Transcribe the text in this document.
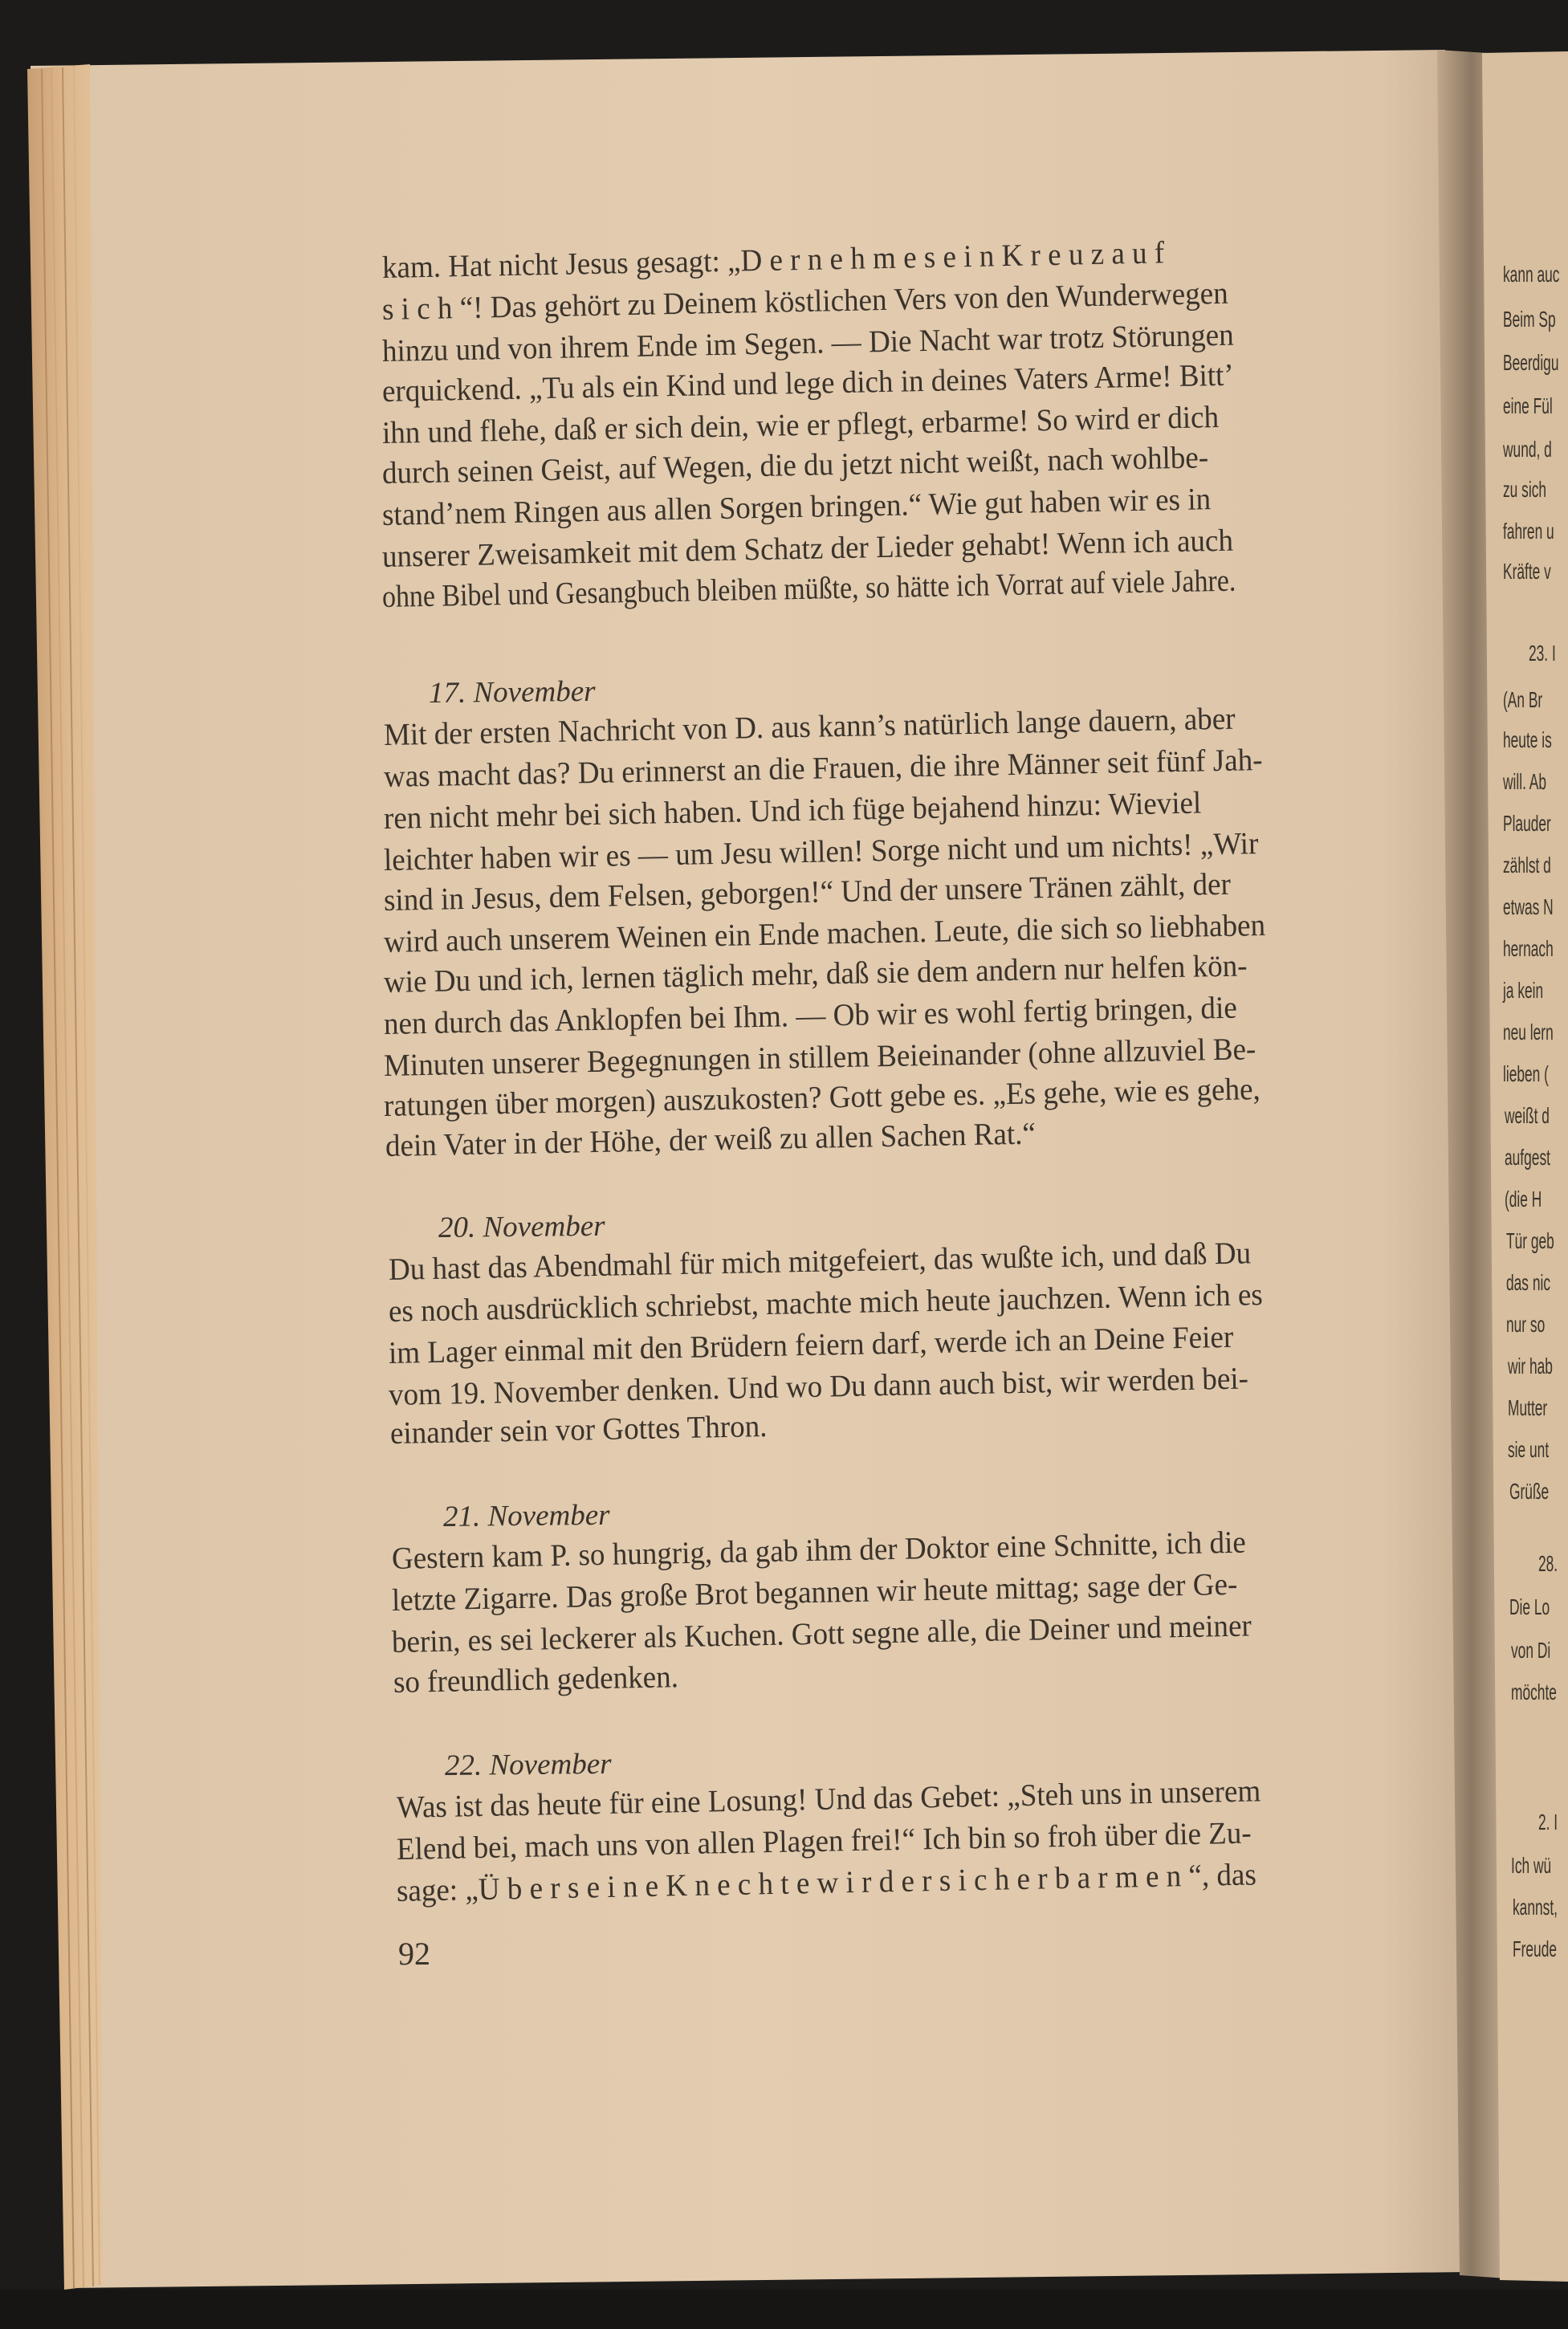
kam. Hat nicht Jesus gesagt: „D e r n e h m e s e i n K r e u z a u f

s i c h “! Das gehört zu Deinem köstlichen Vers von den Wunderwegen

hinzu und von ihrem Ende im Segen. — Die Nacht war trotz Störungen

erquickend. „Tu als ein Kind und lege dich in deines Vaters Arme! Bitt’

ihn und flehe, daß er sich dein, wie er pflegt, erbarme! So wird er dich

durch seinen Geist, auf Wegen, die du jetzt nicht weißt, nach wohlbe-

stand’nem Ringen aus allen Sorgen bringen.“ Wie gut haben wir es in

unserer Zweisamkeit mit dem Schatz der Lieder gehabt! Wenn ich auch

ohne Bibel und Gesangbuch bleiben müßte, so hätte ich Vorrat auf viele Jahre.

17. November

Mit der ersten Nachricht von D. aus kann’s natürlich lange dauern, aber

was macht das? Du erinnerst an die Frauen, die ihre Männer seit fünf Jah-

ren nicht mehr bei sich haben. Und ich füge bejahend hinzu: Wieviel

leichter haben wir es — um Jesu willen! Sorge nicht und um nichts! „Wir

sind in Jesus, dem Felsen, geborgen!“ Und der unsere Tränen zählt, der

wird auch unserem Weinen ein Ende machen. Leute, die sich so liebhaben

wie Du und ich, lernen täglich mehr, daß sie dem andern nur helfen kön-

nen durch das Anklopfen bei Ihm. — Ob wir es wohl fertig bringen, die

Minuten unserer Begegnungen in stillem Beieinander (ohne allzuviel Be-

ratungen über morgen) auszukosten? Gott gebe es. „Es gehe, wie es gehe,

dein Vater in der Höhe, der weiß zu allen Sachen Rat.“

20. November

Du hast das Abendmahl für mich mitgefeiert, das wußte ich, und daß Du

es noch ausdrücklich schriebst, machte mich heute jauchzen. Wenn ich es

im Lager einmal mit den Brüdern feiern darf, werde ich an Deine Feier

vom 19. November denken. Und wo Du dann auch bist, wir werden bei-

einander sein vor Gottes Thron.

21. November

Gestern kam P. so hungrig, da gab ihm der Doktor eine Schnitte, ich die

letzte Zigarre. Das große Brot begannen wir heute mittag; sage der Ge-

berin, es sei leckerer als Kuchen. Gott segne alle, die Deiner und meiner

so freundlich gedenken.

22. November

Was ist das heute für eine Losung! Und das Gebet: „Steh uns in unserem

Elend bei, mach uns von allen Plagen frei!“ Ich bin so froh über die Zu-

sage: „Ü b e r s e i n e K n e c h t e w i r d e r s i c h e r b a r m e n “, das

92

kann auc

Beim Sp

Beerdigu

eine Fül

wund, d

zu sich

fahren u

Kräfte v

23. I

(An Br

heute is

will. Ab

Plauder

zählst d

etwas N

hernach

ja kein

neu lern

lieben (

weißt d

aufgest

(die H

Tür geb

das nic

nur so

wir hab

Mutter

sie unt

Grüße

28.

Die Lo

von Di

möchte

2. I

Ich wü

kannst,

Freude
